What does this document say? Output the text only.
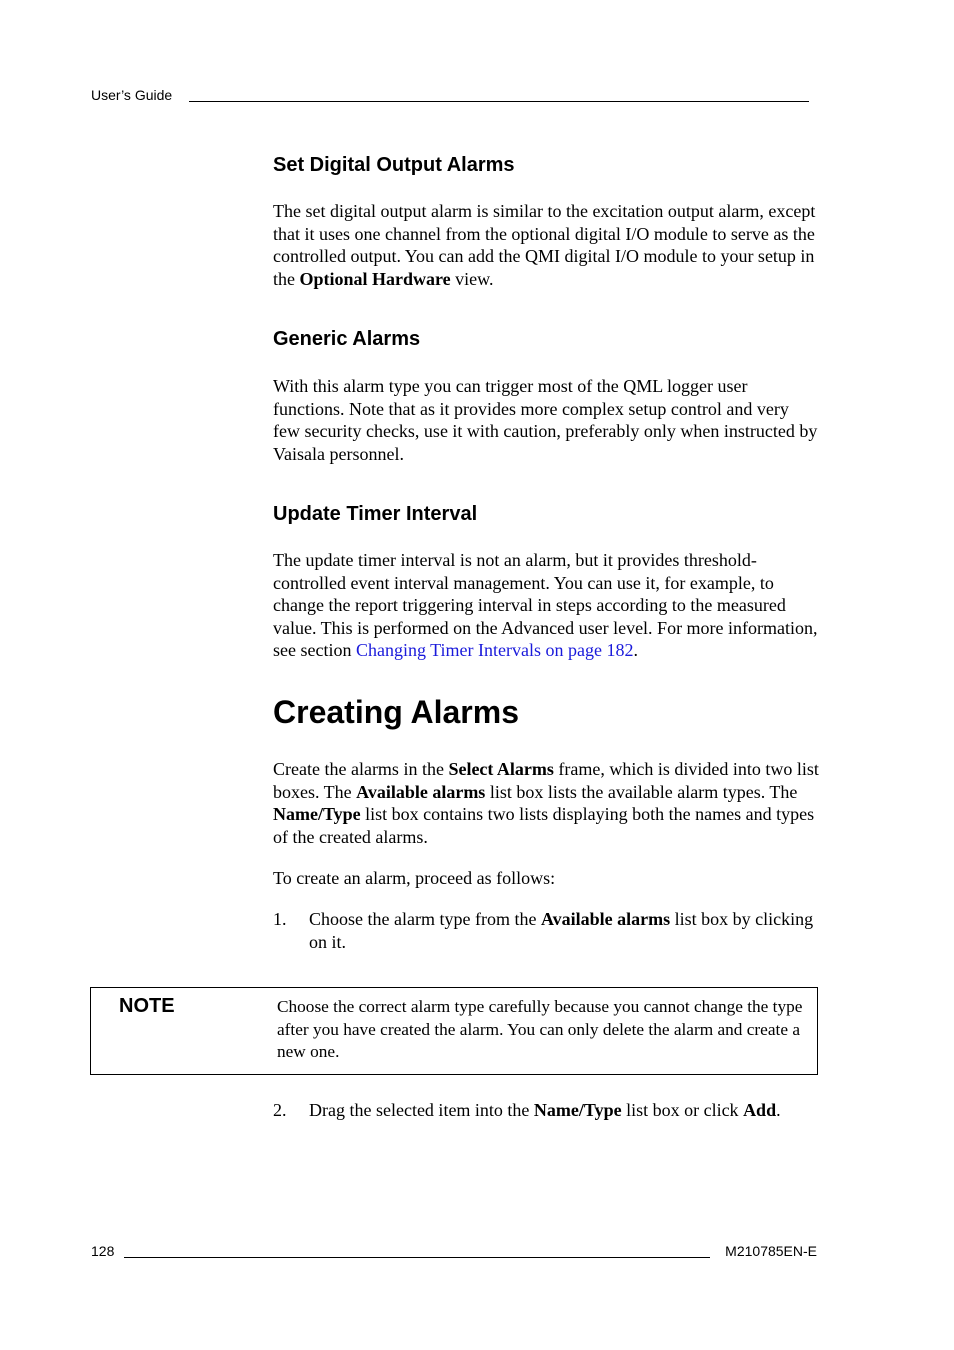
User’s Guide
Set Digital Output Alarms

The set digital output alarm is similar to the excitation output alarm, except that it uses one channel from the optional digital I/O module to serve as the controlled output. You can add the QMI digital I/O module to your setup in the Optional Hardware view.

Generic Alarms

With this alarm type you can trigger most of the QML logger user functions. Note that as it provides more complex setup control and very few security checks, use it with caution, preferably only when instructed by Vaisala personnel.

Update Timer Interval

The update timer interval is not an alarm, but it provides threshold-controlled event interval management. You can use it, for example, to change the report triggering interval in steps according to the measured value. This is performed on the Advanced user level. For more information, see section Changing Timer Intervals on page 182.

Creating Alarms

Create the alarms in the Select Alarms frame, which is divided into two list boxes. The Available alarms list box lists the available alarm types. The Name/Type list box contains two lists displaying both the names and types of the created alarms.

To create an alarm, proceed as follows:

1. Choose the alarm type from the Available alarms list box by clicking on it.
NOTE	Choose the correct alarm type carefully because you cannot change the type after you have created the alarm. You can only delete the alarm and create a new one.
2. Drag the selected item into the Name/Type list box or click Add.
128	M210785EN-E
